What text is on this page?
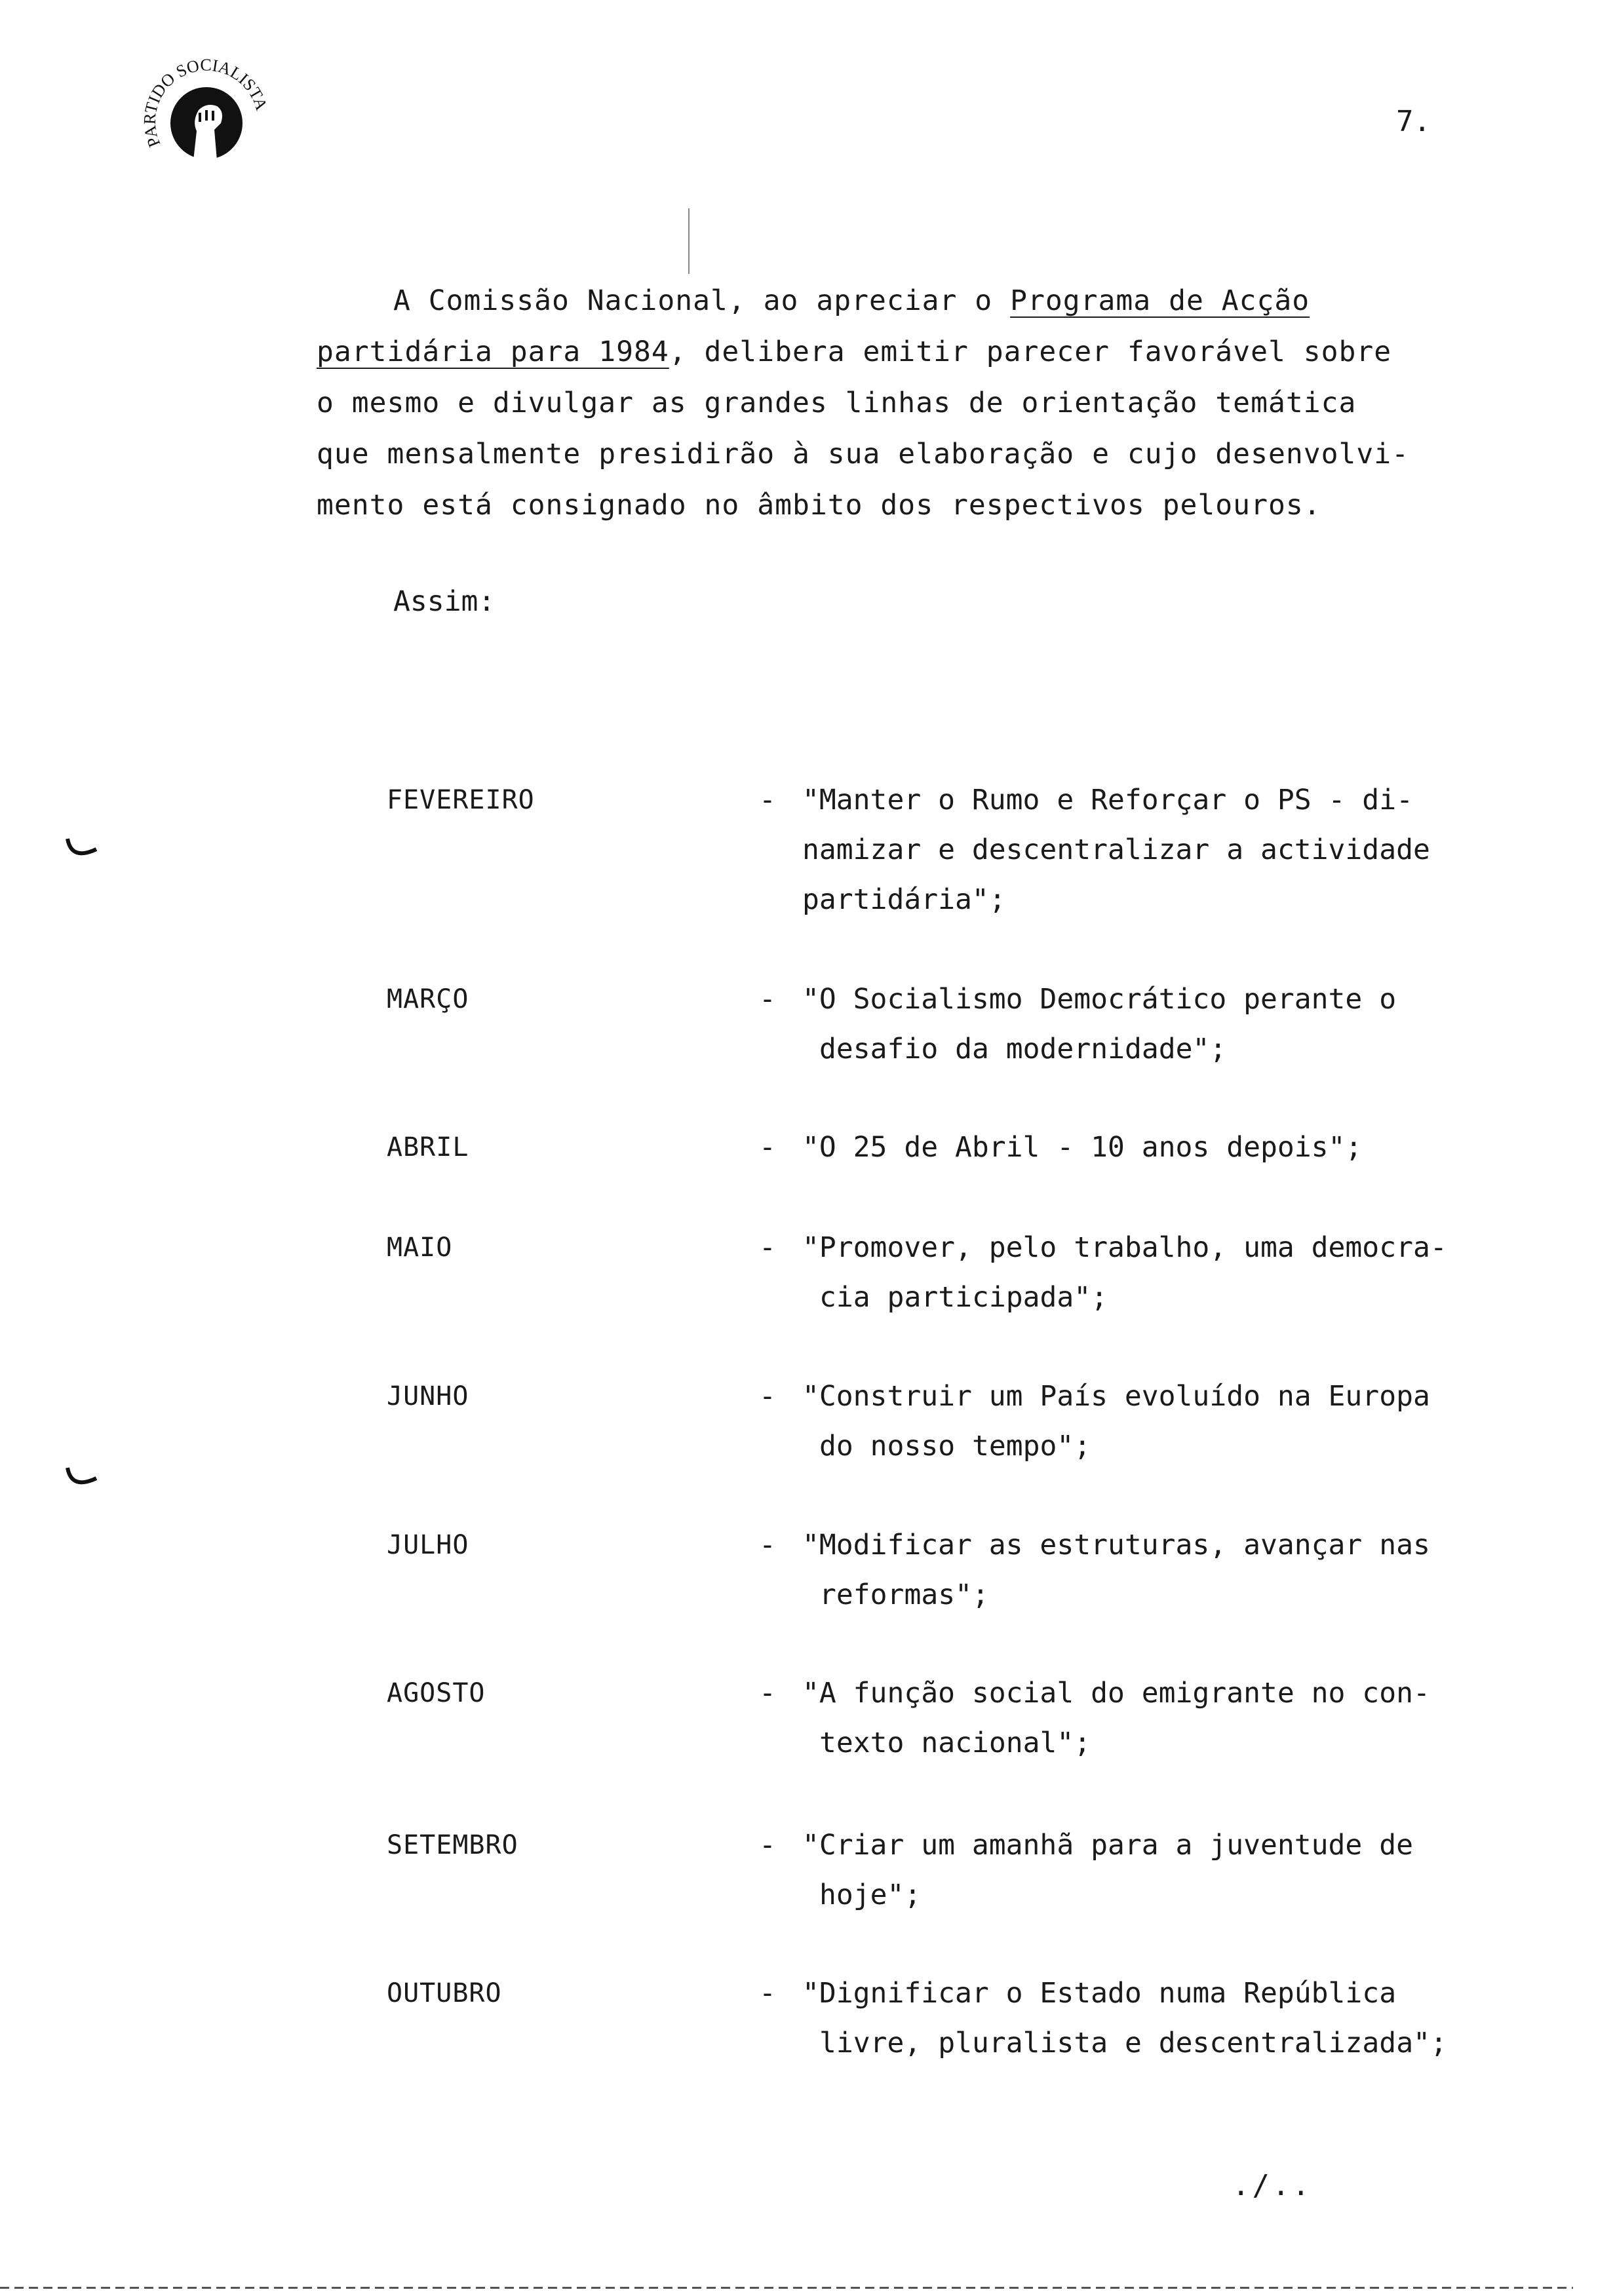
PARTIDO SOCIALIST
7.
A Comissão Nacional, ao apreciar o Programa de Acção
partidária para 1984, delibera emitir parecer favorável sobre
o mesmo e divulgar as grandes linhas de orientação temática
que mensalmente presidirão à sua elaboração e cujo desenvolvi-
mento está consignado no âmbito dos respectivos pelouros.
Assim:
FEVEREIRO	- "Manter o Rumo e Reforçar o PS - di-
namizar e descentralizar a actividade
partidária";
MARÇO	- "O Socialismo Democrático perante o
desafio da modernidade";
ABRIL	- "O 25 de Abril - 10 anos depois";
MAIO	- "Promover, pelo trabalho, uma democra-
cia participada";
JUNHO	- "Construir um País evoluído na Europa
do nosso tempo";
JULHO	- "Modificar as estruturas, avançar nas
reformas";
AGOSTO	- "A função social do emigrante no con-
texto nacional";
SETEMBRO	- "Criar um amanhã para a juventude de
hoje";
OUTUBRO	- "Dignificar o Estado numa República
livre, pluralista e descentralizada";
./..
